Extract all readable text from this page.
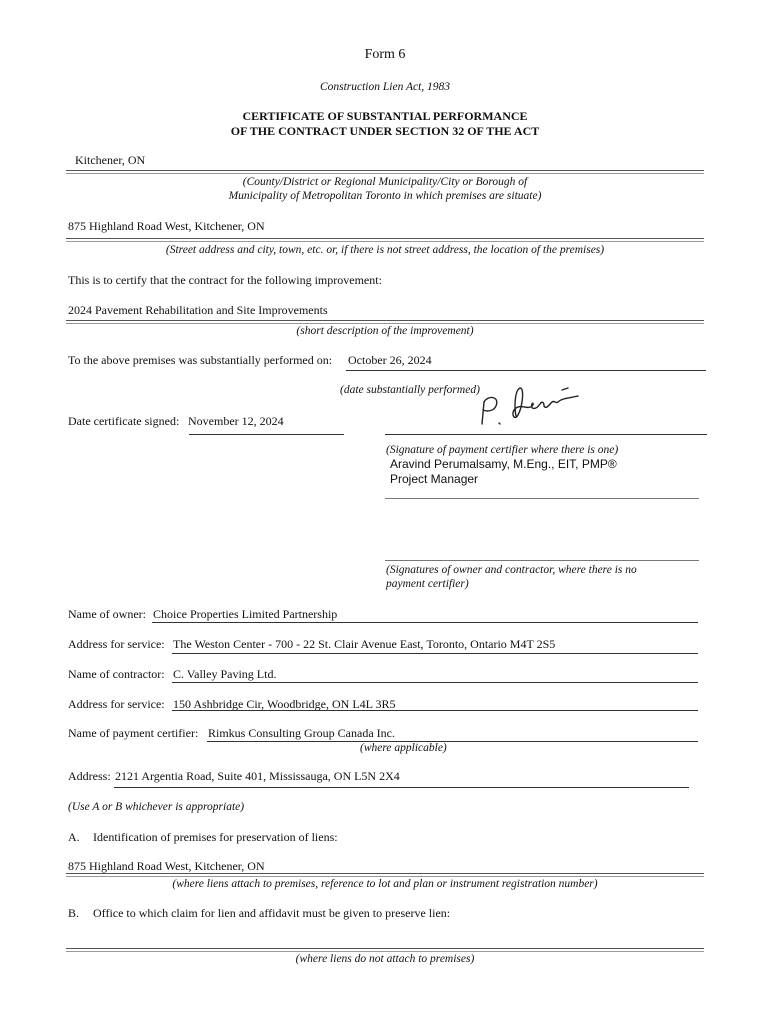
Form 6
Construction Lien Act, 1983
CERTIFICATE OF SUBSTANTIAL PERFORMANCE
OF THE CONTRACT UNDER SECTION 32 OF THE ACT
Kitchener, ON
(County/District or Regional Municipality/City or Borough of
Municipality of Metropolitan Toronto in which premises are situate)
875 Highland Road West, Kitchener, ON
(Street address and city, town, etc. or, if there is not street address, the location of the premises)
This is to certify that the contract for the following improvement:
2024 Pavement Rehabilitation and Site Improvements
(short description of the improvement)
To the above premises was substantially performed on: October 26, 2024
(date substantially performed)
Date certificate signed: November 12, 2024
(Signature of payment certifier where there is one)
Aravind Perumalsamy, M.Eng., EIT, PMP®
Project Manager
(Signatures of owner and contractor, where there is no
payment certifier)
Name of owner: Choice Properties Limited Partnership
Address for service: The Weston Center - 700 - 22 St. Clair Avenue East, Toronto, Ontario M4T 2S5
Name of contractor: C. Valley Paving Ltd.
Address for service: 150 Ashbridge Cir, Woodbridge, ON L4L 3R5
Name of payment certifier: Rimkus Consulting Group Canada Inc.
(where applicable)
Address: 2121 Argentia Road, Suite 401, Mississauga, ON L5N 2X4
(Use A or B whichever is appropriate)
A. Identification of premises for preservation of liens:
875 Highland Road West, Kitchener, ON
(where liens attach to premises, reference to lot and plan or instrument registration number)
B. Office to which claim for lien and affidavit must be given to preserve lien:
(where liens do not attach to premises)
